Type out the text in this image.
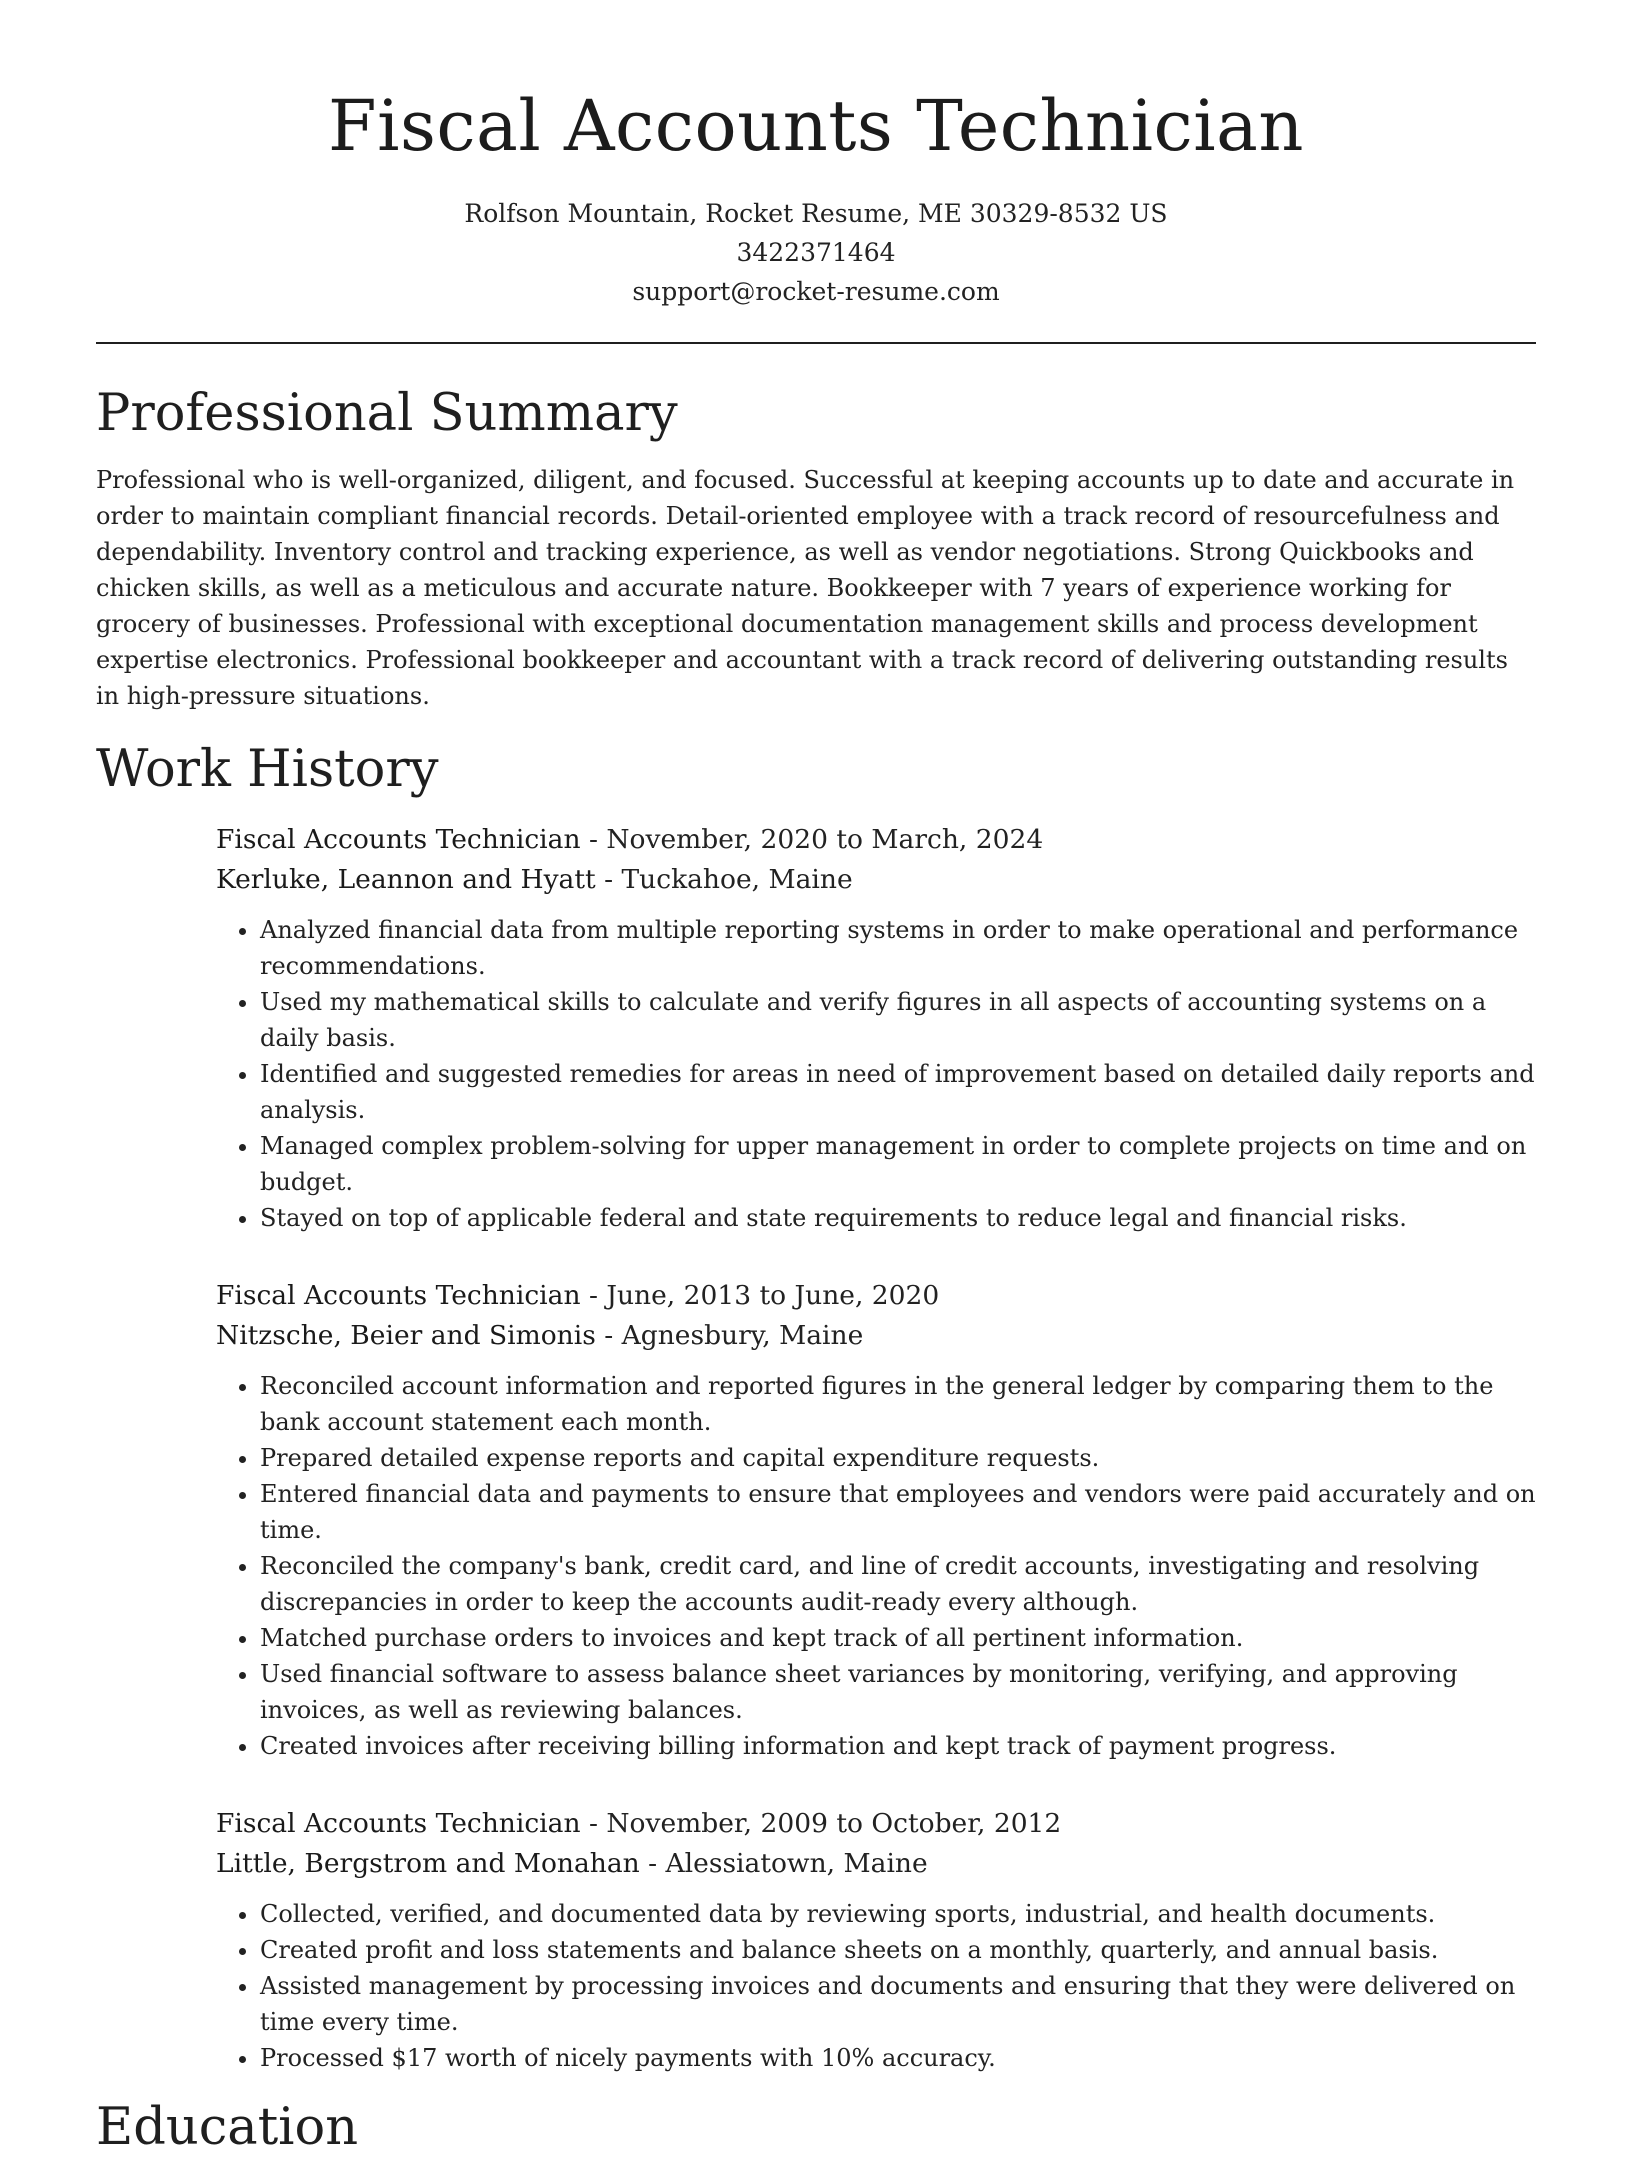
Fiscal Accounts Technician
Rolfson Mountain, Rocket Resume, ME 30329-8532 US
3422371464
support@rocket-resume.com
Professional Summary

Professional who is well-organized, diligent, and focused. Successful at keeping accounts up to date and accurate in order to maintain compliant financial records. Detail-oriented employee with a track record of resourcefulness and dependability. Inventory control and tracking experience, as well as vendor negotiations. Strong Quickbooks and chicken skills, as well as a meticulous and accurate nature. Bookkeeper with 7 years of experience working for grocery of businesses. Professional with exceptional documentation management skills and process development expertise electronics. Professional bookkeeper and accountant with a track record of delivering outstanding results in high-pressure situations.

Work History
Fiscal Accounts Technician - November, 2020 to March, 2024
Kerluke, Leannon and Hyatt - Tuckahoe, Maine
• Analyzed financial data from multiple reporting systems in order to make operational and performance recommendations.
• Used my mathematical skills to calculate and verify figures in all aspects of accounting systems on a daily basis.
• Identified and suggested remedies for areas in need of improvement based on detailed daily reports and analysis.
• Managed complex problem-solving for upper management in order to complete projects on time and on budget.
• Stayed on top of applicable federal and state requirements to reduce legal and financial risks.
Fiscal Accounts Technician - June, 2013 to June, 2020
Nitzsche, Beier and Simonis - Agnesbury, Maine
• Reconciled account information and reported figures in the general ledger by comparing them to the bank account statement each month.
• Prepared detailed expense reports and capital expenditure requests.
• Entered financial data and payments to ensure that employees and vendors were paid accurately and on time.
• Reconciled the company's bank, credit card, and line of credit accounts, investigating and resolving discrepancies in order to keep the accounts audit-ready every although.
• Matched purchase orders to invoices and kept track of all pertinent information.
• Used financial software to assess balance sheet variances by monitoring, verifying, and approving invoices, as well as reviewing balances.
• Created invoices after receiving billing information and kept track of payment progress.
Fiscal Accounts Technician - November, 2009 to October, 2012
Little, Bergstrom and Monahan - Alessiatown, Maine
• Collected, verified, and documented data by reviewing sports, industrial, and health documents.
• Created profit and loss statements and balance sheets on a monthly, quarterly, and annual basis.
• Assisted management by processing invoices and documents and ensuring that they were delivered on time every time.
• Processed $17 worth of nicely payments with 10% accuracy.
Education
